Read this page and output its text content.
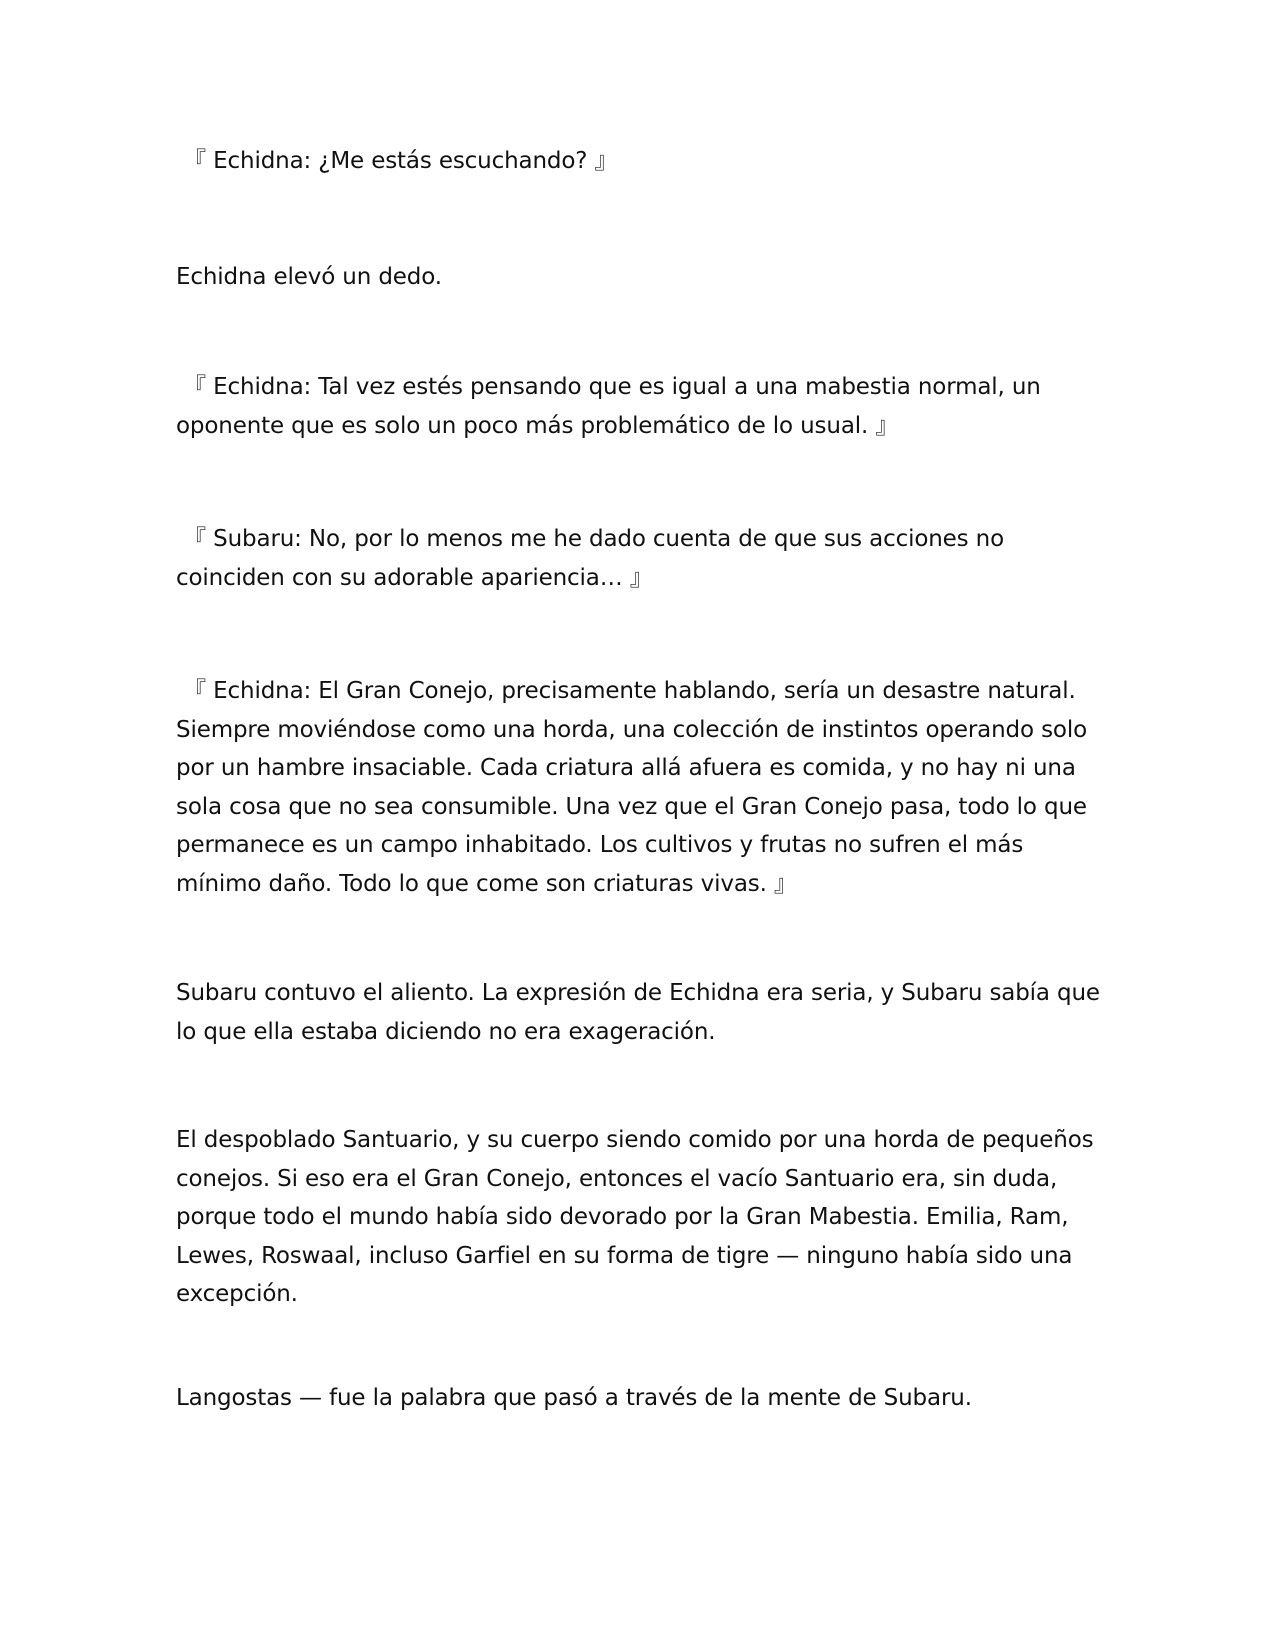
『 Echidna: ¿Me estás escuchando? 』

Echidna elevó un dedo.

『 Echidna: Tal vez estés pensando que es igual a una mabestia normal, un oponente que es solo un poco más problemático de lo usual. 』

『 Subaru: No, por lo menos me he dado cuenta de que sus acciones no coinciden con su adorable apariencia… 』

『 Echidna: El Gran Conejo, precisamente hablando, sería un desastre natural. Siempre moviéndose como una horda, una colección de instintos operando solo por un hambre insaciable. Cada criatura allá afuera es comida, y no hay ni una sola cosa que no sea consumible. Una vez que el Gran Conejo pasa, todo lo que permanece es un campo inhabitado. Los cultivos y frutas no sufren el más mínimo daño. Todo lo que come son criaturas vivas. 』

Subaru contuvo el aliento. La expresión de Echidna era seria, y Subaru sabía que lo que ella estaba diciendo no era exageración.

El despoblado Santuario, y su cuerpo siendo comido por una horda de pequeños conejos. Si eso era el Gran Conejo, entonces el vacío Santuario era, sin duda, porque todo el mundo había sido devorado por la Gran Mabestia. Emilia, Ram, Lewes, Roswaal, incluso Garfiel en su forma de tigre — ninguno había sido una excepción.

Langostas — fue la palabra que pasó a través de la mente de Subaru.
